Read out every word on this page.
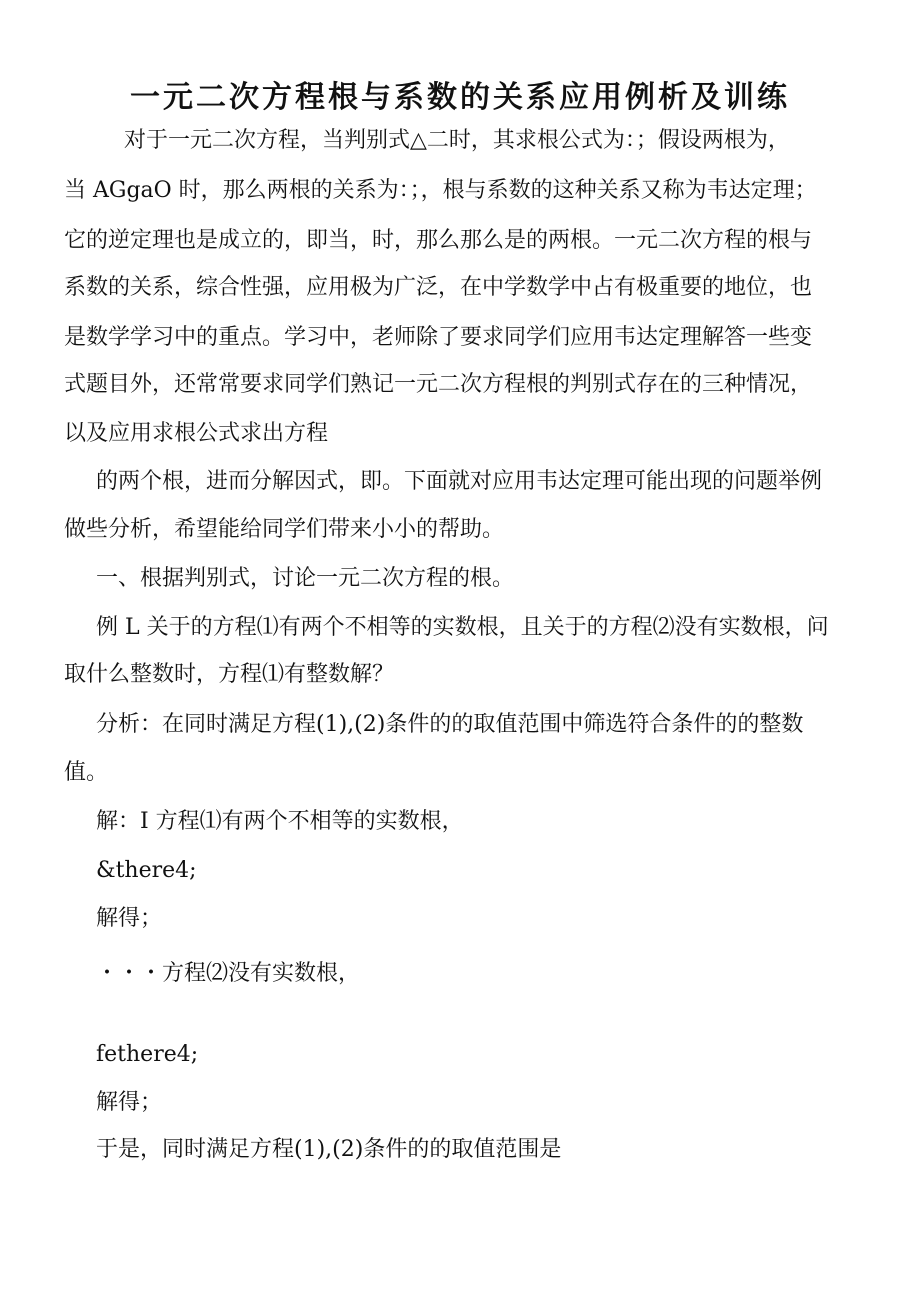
一元二次方程根与系数的关系应用例析及训练
对于一元二次方程，当判别式△二时，其求根公式为：；假设两根为，
当 AGgaO 时，那么两根的关系为：；，根与系数的这种关系又称为韦达定理；
它的逆定理也是成立的，即当，时，那么那么是的两根。一元二次方程的根与
系数的关系，综合性强，应用极为广泛，在中学数学中占有极重要的地位，也
是数学学习中的重点。学习中，老师除了要求同学们应用韦达定理解答一些变
式题目外，还常常要求同学们熟记一元二次方程根的判别式存在的三种情况，
以及应用求根公式求出方程
的两个根，进而分解因式，即。下面就对应用韦达定理可能出现的问题举例
做些分析，希望能给同学们带来小小的帮助。
一、根据判别式，讨论一元二次方程的根。
例 L 关于的方程⑴有两个不相等的实数根，且关于的方程⑵没有实数根，问
取什么整数时，方程⑴有整数解？
分析：在同时满足方程(1),(2)条件的的取值范围中筛选符合条件的的整数
值。
解：I 方程⑴有两个不相等的实数根，
&there4;
解得；
・・・方程⑵没有实数根，
fethere4;
解得；
于是，同时满足方程(1),(2)条件的的取值范围是
